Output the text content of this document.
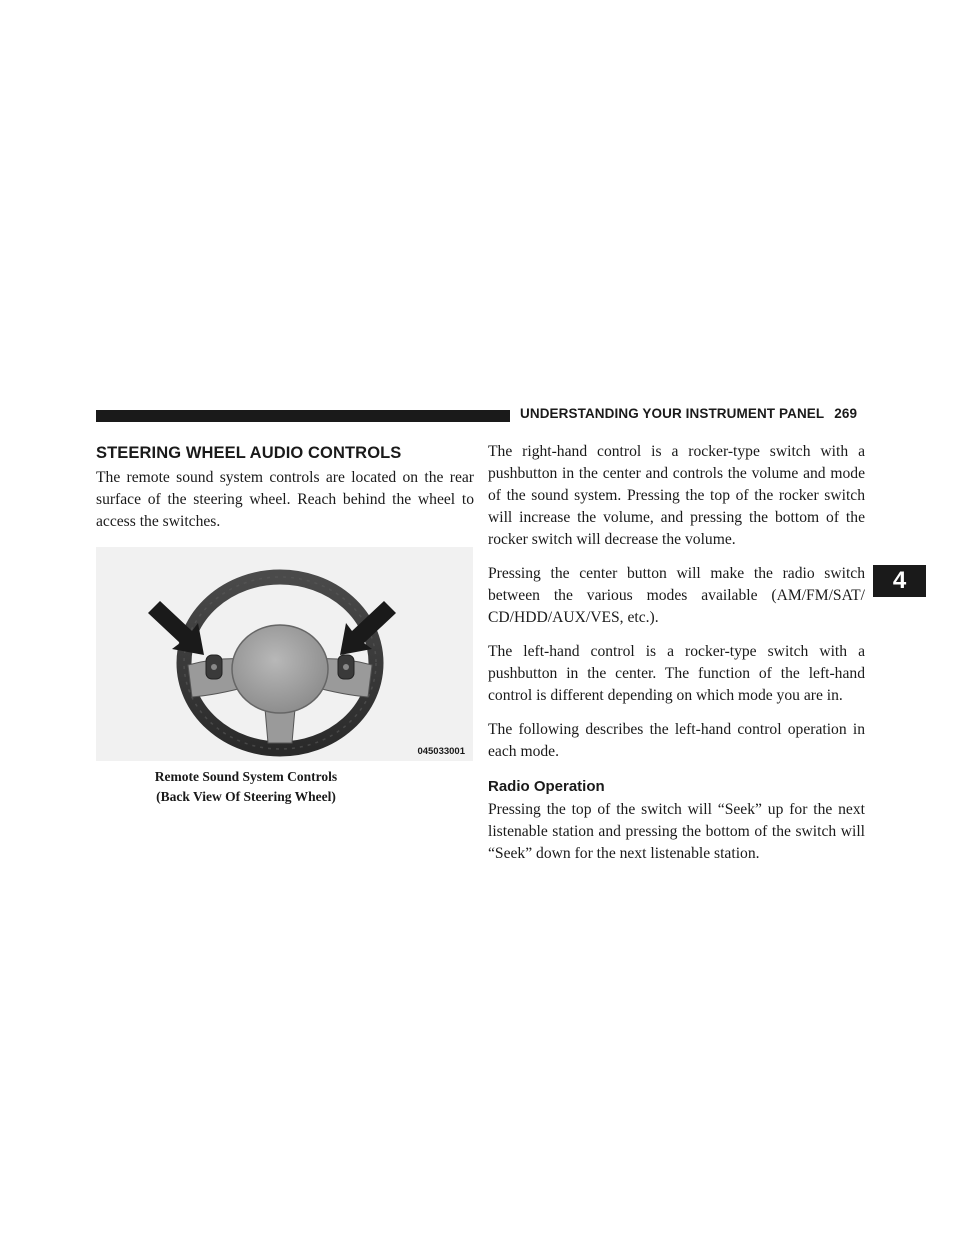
UNDERSTANDING YOUR INSTRUMENT PANEL 269
4
STEERING WHEEL AUDIO CONTROLS

The remote sound system controls are located on the rear surface of the steering wheel. Reach behind the wheel to access the switches.

045033001
Remote Sound System Controls
(Back View Of Steering Wheel)

The right-hand control is a rocker-type switch with a pushbutton in the center and controls the volume and mode of the sound system. Pressing the top of the rocker switch will increase the volume, and pressing the bottom of the rocker switch will decrease the volume.

Pressing the center button will make the radio switch between the various modes available (AM/FM/SAT/ CD/HDD/AUX/VES, etc.).

The left-hand control is a rocker-type switch with a pushbutton in the center. The function of the left-hand control is different depending on which mode you are in.

The following describes the left-hand control operation in each mode.

Radio Operation

Pressing the top of the switch will “Seek” up for the next listenable station and pressing the bottom of the switch will “Seek” down for the next listenable station.
